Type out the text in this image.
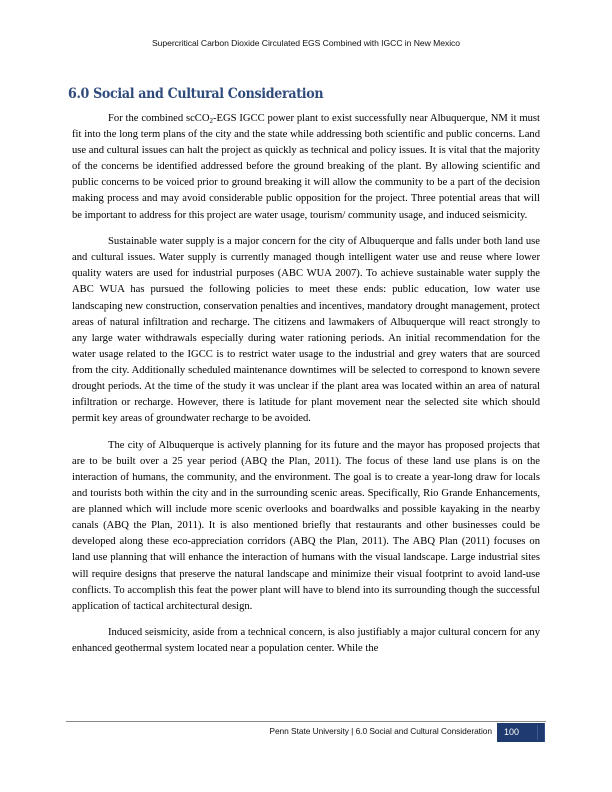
Supercritical Carbon Dioxide Circulated EGS Combined with IGCC in New Mexico
6.0 Social and Cultural Consideration

For the combined scCO$_2$-EGS IGCC power plant to exist successfully near Albuquerque, NM it must fit into the long term plans of the city and the state while addressing both scientific and public concerns. Land use and cultural issues can halt the project as quickly as technical and policy issues. It is vital that the majority of the concerns be identified addressed before the ground breaking of the plant. By allowing scientific and public concerns to be voiced prior to ground breaking it will allow the community to be a part of the decision making process and may avoid considerable public opposition for the project. Three potential areas that will be important to address for this project are water usage, tourism/ community usage, and induced seismicity.

Sustainable water supply is a major concern for the city of Albuquerque and falls under both land use and cultural issues. Water supply is currently managed though intelligent water use and reuse where lower quality waters are used for industrial purposes (ABC WUA 2007). To achieve sustainable water supply the ABC WUA has pursued the following policies to meet these ends: public education, low water use landscaping new construction, conservation penalties and incentives, mandatory drought management, protect areas of natural infiltration and recharge. The citizens and lawmakers of Albuquerque will react strongly to any large water withdrawals especially during water rationing periods. An initial recommendation for the water usage related to the IGCC is to restrict water usage to the industrial and grey waters that are sourced from the city. Additionally scheduled maintenance downtimes will be selected to correspond to known severe drought periods. At the time of the study it was unclear if the plant area was located within an area of natural infiltration or recharge. However, there is latitude for plant movement near the selected site which should permit key areas of groundwater recharge to be avoided.

The city of Albuquerque is actively planning for its future and the mayor has proposed projects that are to be built over a 25 year period (ABQ the Plan, 2011). The focus of these land use plans is on the interaction of humans, the community, and the environment. The goal is to create a year-long draw for locals and tourists both within the city and in the surrounding scenic areas. Specifically, Rio Grande Enhancements, are planned which will include more scenic overlooks and boardwalks and possible kayaking in the nearby canals (ABQ the Plan, 2011). It is also mentioned briefly that restaurants and other businesses could be developed along these eco-appreciation corridors (ABQ the Plan, 2011). The ABQ Plan (2011) focuses on land use planning that will enhance the interaction of humans with the visual landscape. Large industrial sites will require designs that preserve the natural landscape and minimize their visual footprint to avoid land-use conflicts. To accomplish this feat the power plant will have to blend into its surrounding though the successful application of tactical architectural design.

Induced seismicity, aside from a technical concern, is also justifiably a major cultural concern for any enhanced geothermal system located near a population center. While the

Penn State University | 6.0 Social and Cultural Consideration 100
